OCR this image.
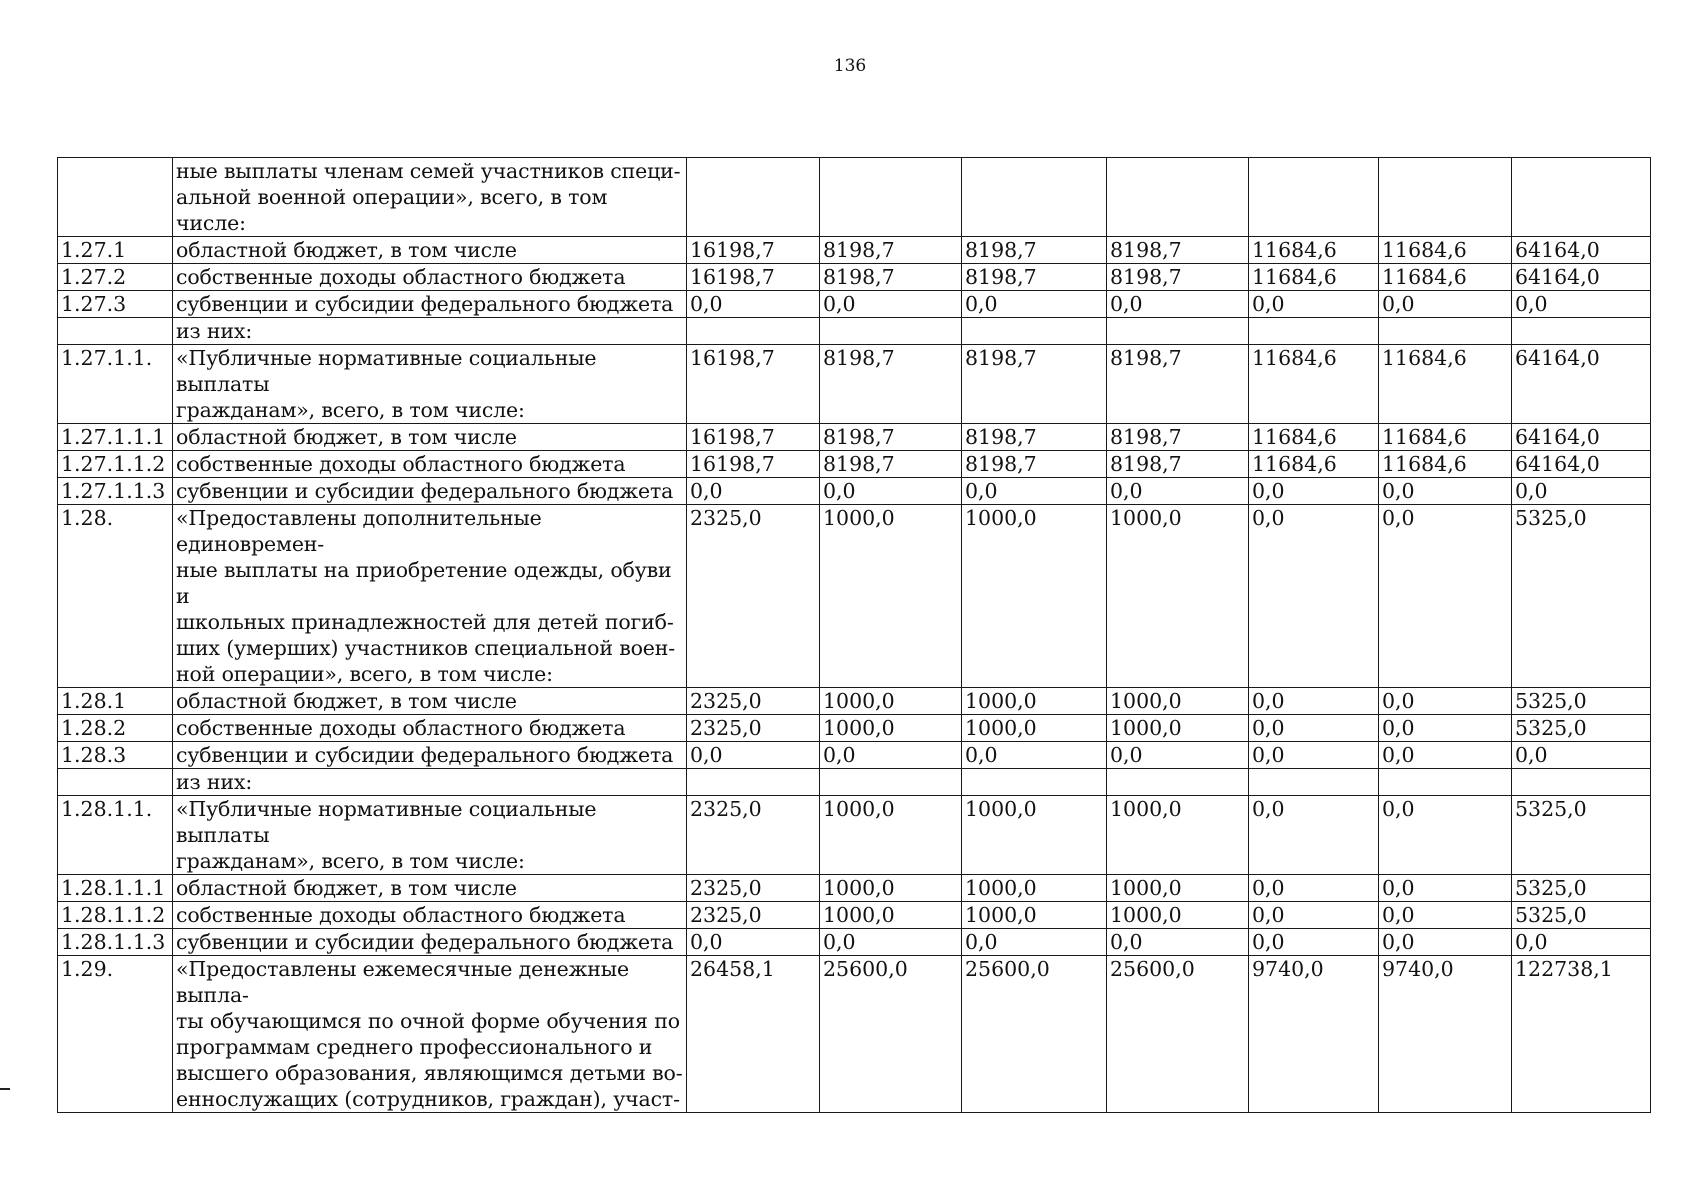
136

	ные выплаты членам семей участников специ-
альной военной операции», всего, в том числе:							

1.27.1	областной бюджет, в том числе	16198,7	8198,7	8198,7	8198,7	11684,6	11684,6	64164,0
1.27.2	собственные доходы областного бюджета	16198,7	8198,7	8198,7	8198,7	11684,6	11684,6	64164,0
1.27.3	субвенции и субсидии федерального бюджета	0,0	0,0	0,0	0,0	0,0	0,0	0,0

	из них:							

1.27.1.1.	«Публичные нормативные социальные выплаты
гражданам», всего, в том числе:	16198,7	8198,7	8198,7	8198,7	11684,6	11684,6	64164,0
1.27.1.1.1	областной бюджет, в том числе	16198,7	8198,7	8198,7	8198,7	11684,6	11684,6	64164,0
1.27.1.1.2	собственные доходы областного бюджета	16198,7	8198,7	8198,7	8198,7	11684,6	11684,6	64164,0
1.27.1.1.3	субвенции и субсидии федерального бюджета	0,0	0,0	0,0	0,0	0,0	0,0	0,0
1.28.	«Предоставлены дополнительные единовремен-
ные выплаты на приобретение одежды, обуви и
школьных принадлежностей для детей погиб-
ших (умерших) участников специальной воен-
ной операции», всего, в том числе:	2325,0	1000,0	1000,0	1000,0	0,0	0,0	5325,0
1.28.1	областной бюджет, в том числе	2325,0	1000,0	1000,0	1000,0	0,0	0,0	5325,0
1.28.2	собственные доходы областного бюджета	2325,0	1000,0	1000,0	1000,0	0,0	0,0	5325,0
1.28.3	субвенции и субсидии федерального бюджета	0,0	0,0	0,0	0,0	0,0	0,0	0,0

	из них:							

1.28.1.1.	«Публичные нормативные социальные выплаты
гражданам», всего, в том числе:	2325,0	1000,0	1000,0	1000,0	0,0	0,0	5325,0
1.28.1.1.1	областной бюджет, в том числе	2325,0	1000,0	1000,0	1000,0	0,0	0,0	5325,0
1.28.1.1.2	собственные доходы областного бюджета	2325,0	1000,0	1000,0	1000,0	0,0	0,0	5325,0
1.28.1.1.3	субвенции и субсидии федерального бюджета	0,0	0,0	0,0	0,0	0,0	0,0	0,0
1.29.	«Предоставлены ежемесячные денежные выпла-
ты обучающимся по очной форме обучения по
программам среднего профессионального и
высшего образования, являющимся детьми во-
еннослужащих (сотрудников, граждан), участ-	26458,1	25600,0	25600,0	25600,0	9740,0	9740,0	122738,1
